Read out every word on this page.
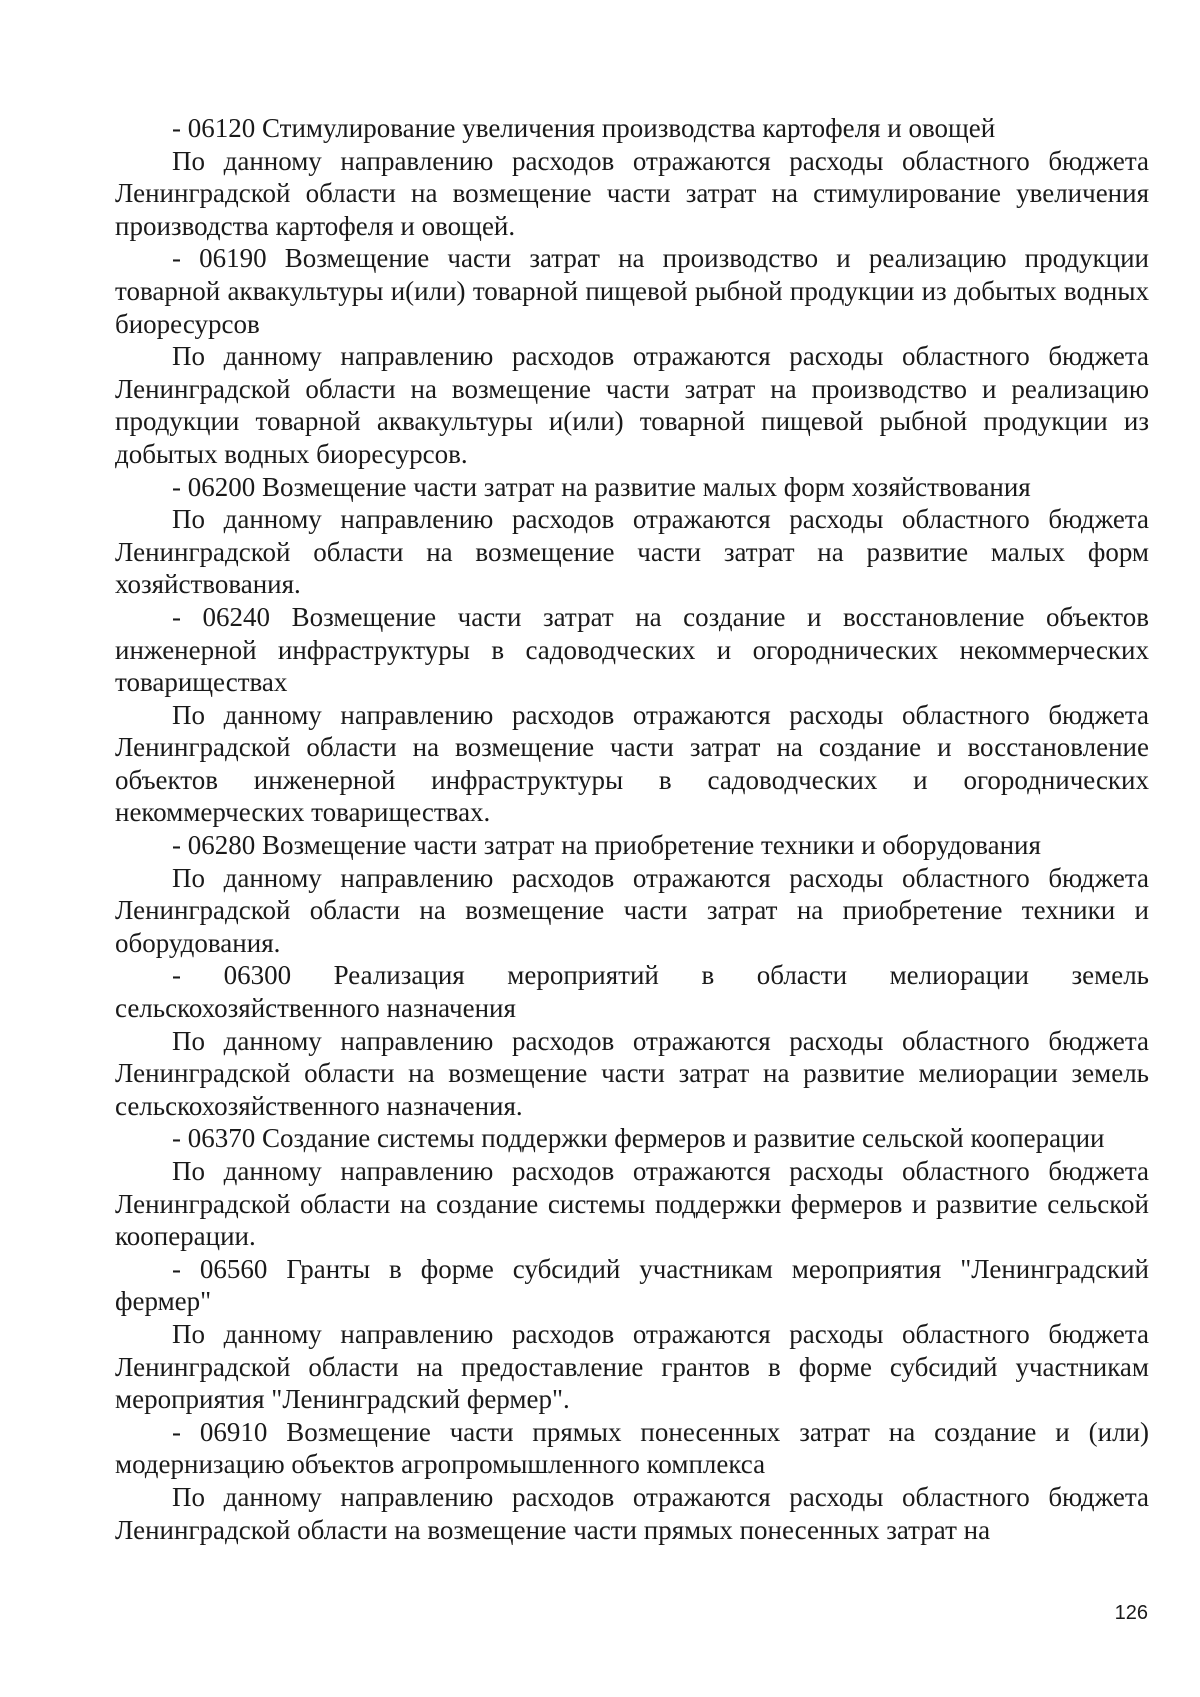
- 06120 Стимулирование увеличения производства картофеля и овощей

По данному направлению расходов отражаются расходы областного бюджета Ленинградской области на возмещение части затрат на стимулирование увеличения производства картофеля и овощей.

- 06190 Возмещение части затрат на производство и реализацию продукции товарной аквакультуры и(или) товарной пищевой рыбной продукции из добытых водных биоресурсов

По данному направлению расходов отражаются расходы областного бюджета Ленинградской области на возмещение части затрат на производство и реализацию продукции товарной аквакультуры и(или) товарной пищевой рыбной продукции из добытых водных биоресурсов.

- 06200 Возмещение части затрат на развитие малых форм хозяйствования

По данному направлению расходов отражаются расходы областного бюджета Ленинградской области на возмещение части затрат на развитие малых форм хозяйствования.

- 06240 Возмещение части затрат на создание и восстановление объектов инженерной инфраструктуры в садоводческих и огороднических некоммерческих товариществах

По данному направлению расходов отражаются расходы областного бюджета Ленинградской области на возмещение части затрат на создание и восстановление объектов инженерной инфраструктуры в садоводческих и огороднических некоммерческих товариществах.

- 06280 Возмещение части затрат на приобретение техники и оборудования

По данному направлению расходов отражаются расходы областного бюджета Ленинградской области на возмещение части затрат на приобретение техники и оборудования.

- 06300 Реализация мероприятий в области мелиорации земель сельскохозяйственного назначения

По данному направлению расходов отражаются расходы областного бюджета Ленинградской области на возмещение части затрат на развитие мелиорации земель сельскохозяйственного назначения.

- 06370 Создание системы поддержки фермеров и развитие сельской кооперации

По данному направлению расходов отражаются расходы областного бюджета Ленинградской области на создание системы поддержки фермеров и развитие сельской кооперации.

- 06560 Гранты в форме субсидий участникам мероприятия "Ленинградский фермер"

По данному направлению расходов отражаются расходы областного бюджета Ленинградской области на предоставление грантов в форме субсидий участникам мероприятия "Ленинградский фермер".

- 06910 Возмещение части прямых понесенных затрат на создание и (или) модернизацию объектов агропромышленного комплекса

По данному направлению расходов отражаются расходы областного бюджета Ленинградской области на возмещение части прямых понесенных затрат на

126
